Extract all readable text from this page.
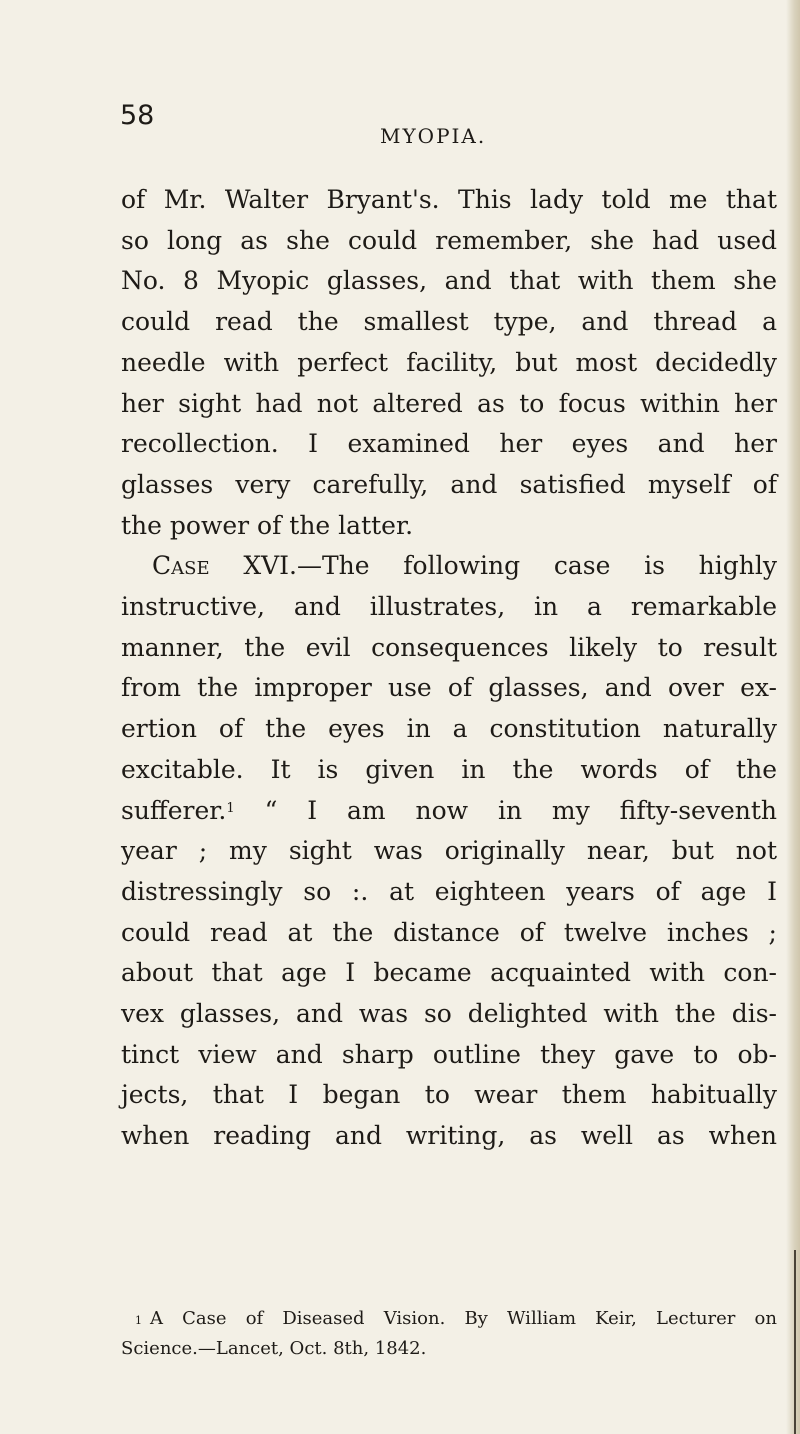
58
MYOPIA.
of Mr. Walter Bryant's. This lady told me that
so long as she could remember, she had used
No. 8 Myopic glasses, and that with them she
could read the smallest type, and thread a
needle with perfect facility, but most decidedly
her sight had not altered as to focus within her
recollection. I examined her eyes and her
glasses very carefully, and satisfied myself of
the power of the latter.
Case XVI.—The following case is highly
instructive, and illustrates, in a remarkable
manner, the evil consequences likely to result
from the improper use of glasses, and over ex-
ertion of the eyes in a constitution naturally
excitable. It is given in the words of the
sufferer.$^1$ “ I am now in my fifty-seventh
year ; my sight was originally near, but not
distressingly so :. at eighteen years of age I
could read at the distance of twelve inches ;
about that age I became acquainted with con-
vex glasses, and was so delighted with the dis-
tinct view and sharp outline they gave to ob-
jects, that I began to wear them habitually
when reading and writing, as well as when
$^1$ A Case of Diseased Vision. By William Keir, Lecturer on
Science.—Lancet, Oct. 8th, 1842.
